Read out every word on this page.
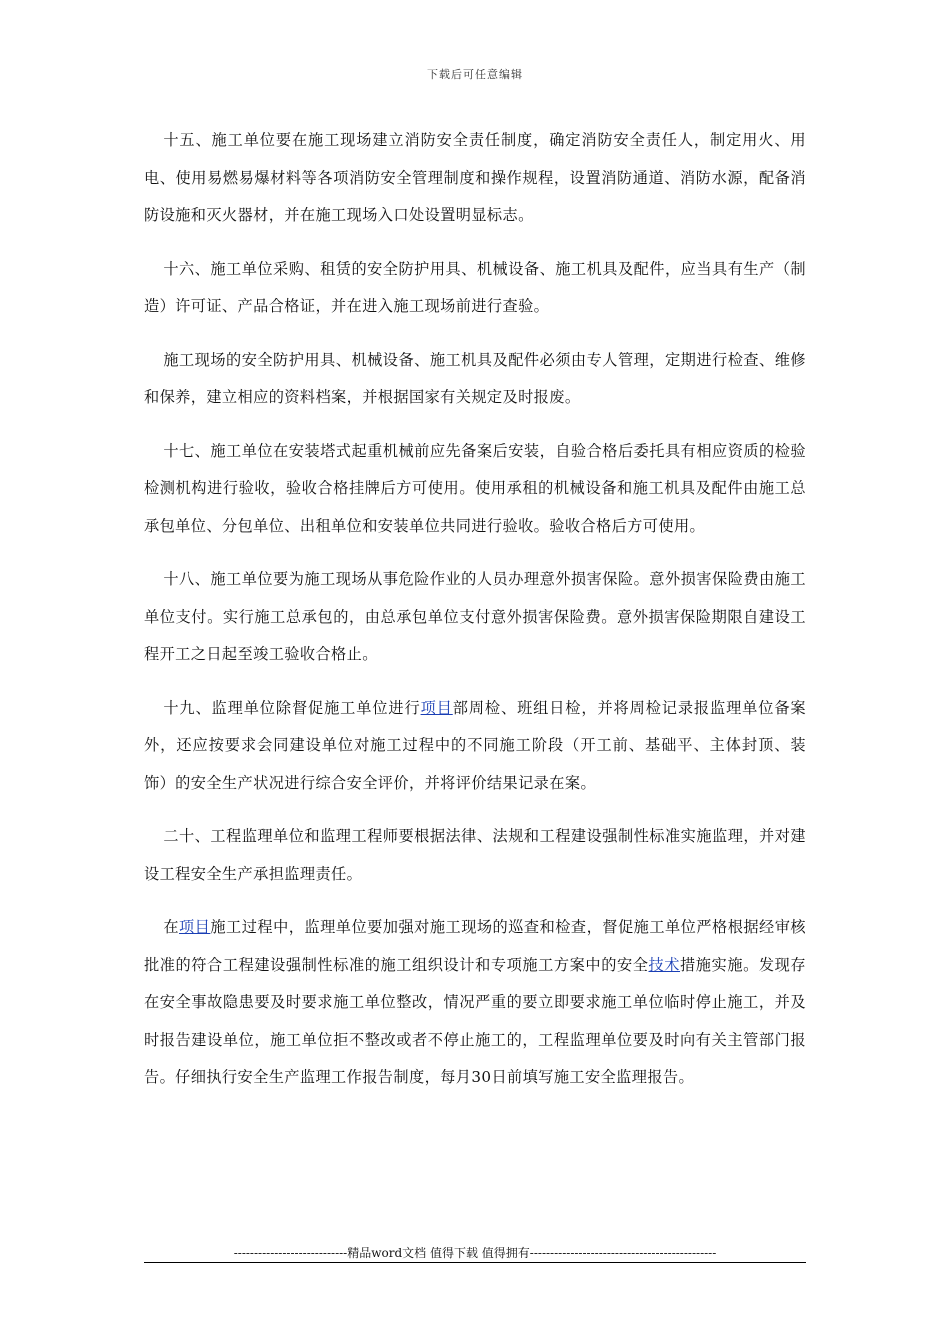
下载后可任意编辑

十五、施工单位要在施工现场建立消防安全责任制度，确定消防安全责任人，制定用火、用电、使用易燃易爆材料等各项消防安全管理制度和操作规程，设置消防通道、消防水源，配备消防设施和灭火器材，并在施工现场入口处设置明显标志。

十六、施工单位采购、租赁的安全防护用具、机械设备、施工机具及配件，应当具有生产（制造）许可证、产品合格证，并在进入施工现场前进行查验。

施工现场的安全防护用具、机械设备、施工机具及配件必须由专人管理，定期进行检查、维修和保养，建立相应的资料档案，并根据国家有关规定及时报废。

十七、施工单位在安装塔式起重机械前应先备案后安装，自验合格后委托具有相应资质的检验检测机构进行验收，验收合格挂牌后方可使用。使用承租的机械设备和施工机具及配件由施工总承包单位、分包单位、出租单位和安装单位共同进行验收。验收合格后方可使用。

十八、施工单位要为施工现场从事危险作业的人员办理意外损害保险。意外损害保险费由施工单位支付。实行施工总承包的，由总承包单位支付意外损害保险费。意外损害保险期限自建设工程开工之日起至竣工验收合格止。

十九、监理单位除督促施工单位进行项目部周检、班组日检，并将周检记录报监理单位备案外，还应按要求会同建设单位对施工过程中的不同施工阶段（开工前、基础平、主体封顶、装饰）的安全生产状况进行综合安全评价，并将评价结果记录在案。

二十、工程监理单位和监理工程师要根据法律、法规和工程建设强制性标准实施监理，并对建设工程安全生产承担监理责任。

在项目施工过程中，监理单位要加强对施工现场的巡查和检查，督促施工单位严格根据经审核批准的符合工程建设强制性标准的施工组织设计和专项施工方案中的安全技术措施实施。发现存在安全事故隐患要及时要求施工单位整改，情况严重的要立即要求施工单位临时停止施工，并及时报告建设单位，施工单位拒不整改或者不停止施工的，工程监理单位要及时向有关主管部门报告。仔细执行安全生产监理工作报告制度，每月30日前填写施工安全监理报告。

----------------------------精品word文档 值得下载 值得拥有----------------------------------------------
